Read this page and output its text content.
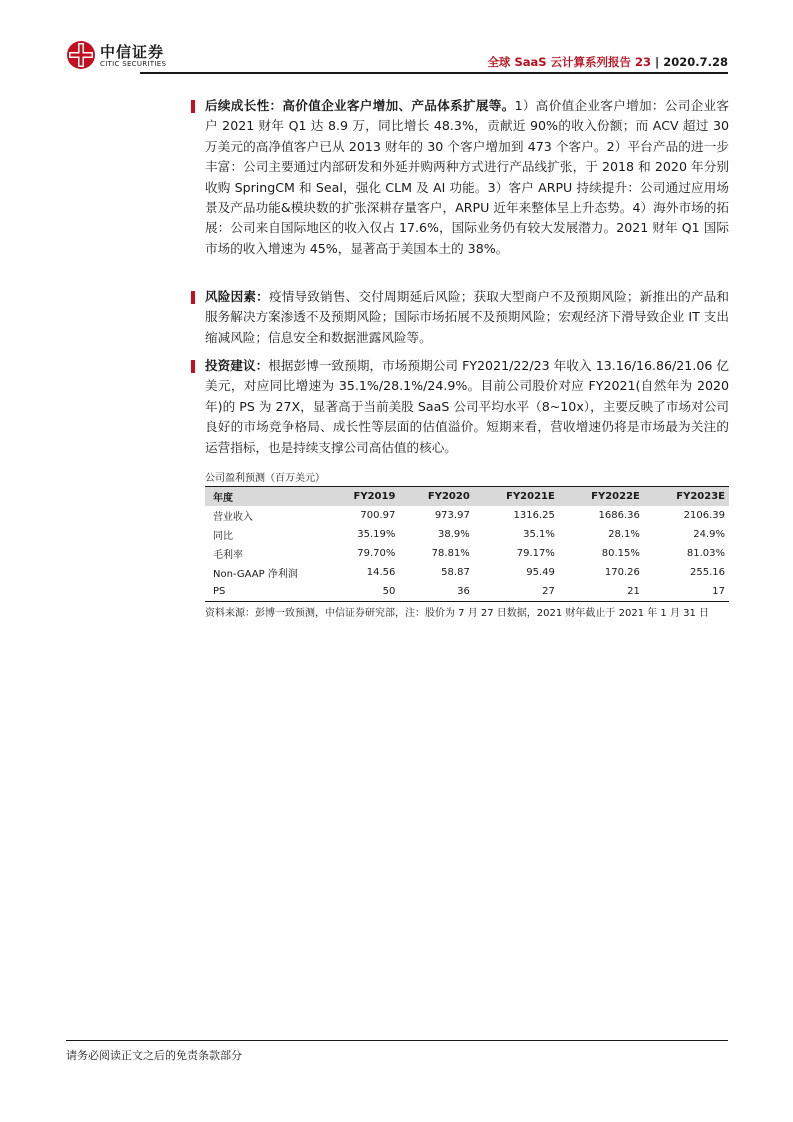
中信证券
CITIC SECURITIES	全球 SaaS 云计算系列报告 23 | 2020.7.28
后续成长性：高价值企业客户增加、产品体系扩展等。1）高价值企业客户增加：公司企业客户 2021 财年 Q1 达 8.9 万，同比增长 48.3%，贡献近 90%的收入份额；而 ACV 超过 30 万美元的高净值客户已从 2013 财年的 30 个客户增加到 473 个客户。2）平台产品的进一步丰富：公司主要通过内部研发和外延并购两种方式进行产品线扩张，于 2018 和 2020 年分别收购 SpringCM 和 Seal，强化 CLM 及 AI 功能。3）客户 ARPU 持续提升：公司通过应用场景及产品功能&模块数的扩张深耕存量客户，ARPU 近年来整体呈上升态势。4）海外市场的拓展：公司来自国际地区的收入仅占 17.6%，国际业务仍有较大发展潜力。2021 财年 Q1 国际市场的收入增速为 45%，显著高于美国本土的 38%。
风险因素：疫情导致销售、交付周期延后风险；获取大型商户不及预期风险；新推出的产品和服务解决方案渗透不及预期风险；国际市场拓展不及预期风险；宏观经济下滑导致企业 IT 支出缩减风险；信息安全和数据泄露风险等。
投资建议：根据彭博一致预期，市场预期公司 FY2021/22/23 年收入 13.16/16.86/21.06 亿美元，对应同比增速为 35.1%/28.1%/24.9%。目前公司股价对应 FY2021(自然年为 2020 年)的 PS 为 27X，显著高于当前美股 SaaS 公司平均水平（8~10x），主要反映了市场对公司良好的市场竞争格局、成长性等层面的估值溢价。短期来看，营收增速仍将是市场最为关注的运营指标，也是持续支撑公司高估值的核心。
公司盈利预测（百万美元）
年度	FY2019	FY2020	FY2021E	FY2022E	FY2023E
营业收入	700.97	973.97	1316.25	1686.36	2106.39
同比	35.19%	38.9%	35.1%	28.1%	24.9%
毛利率	79.70%	78.81%	79.17%	80.15%	81.03%
Non-GAAP 净利润	14.56	58.87	95.49	170.26	255.16
PS	50	36	27	21	17
资料来源：彭博一致预测，中信证券研究部，注：股价为 7 月 27 日数据，2021 财年截止于 2021 年 1 月 31 日
请务必阅读正文之后的免责条款部分
